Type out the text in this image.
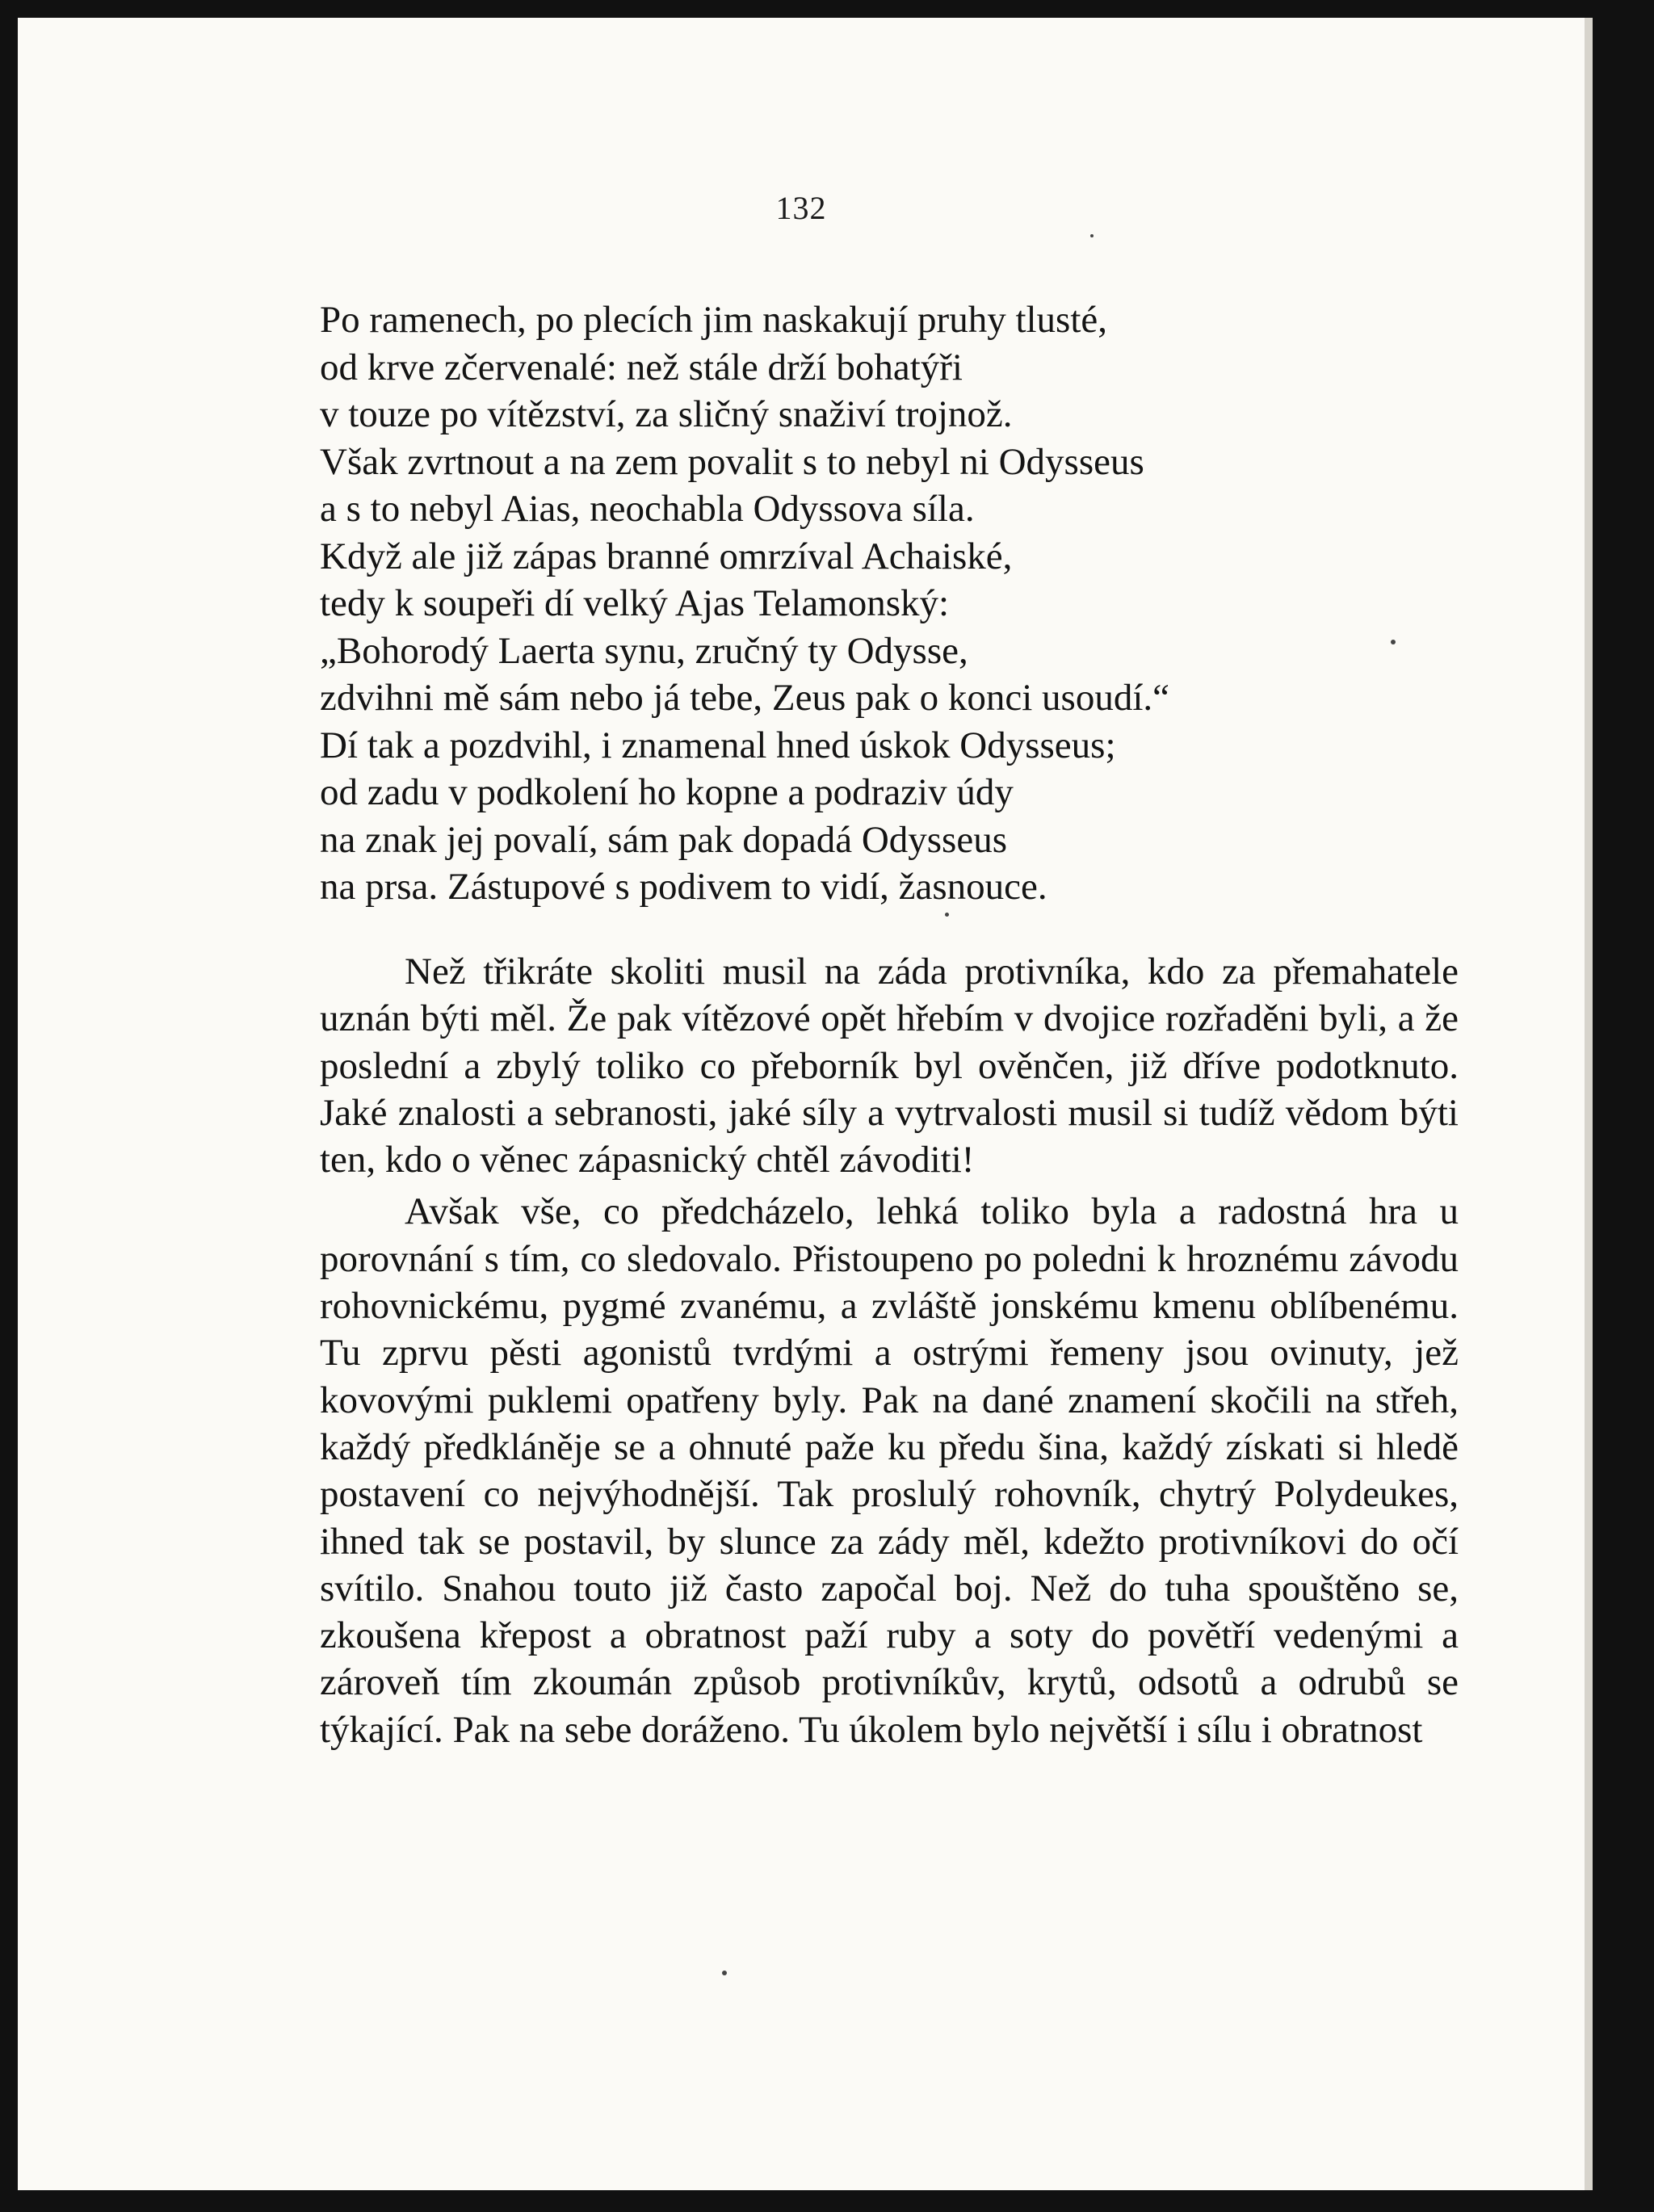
132
Po ramenech, po plecích jim naskakují pruhy tlusté,
od krve zčervenalé: než stále drží bohatýři
v touze po vítězství, za sličný snaživí trojnož.
Však zvrtnout a na zem povalit s to nebyl ni Odysseus
a s to nebyl Aias, neochabla Odyssova síla.
Když ale již zápas branné omrzíval Achaiské,
tedy k soupeři dí velký Ajas Telamonský:
„Bohorodý Laerta synu, zručný ty Odysse,
zdvihni mě sám nebo já tebe, Zeus pak o konci usoudí.“
Dí tak a pozdvihl, i znamenal hned úskok Odysseus;
od zadu v podkolení ho kopne a podraziv údy
na znak jej povalí, sám pak dopadá Odysseus
na prsa. Zástupové s podivem to vidí, žasnouce.

Než třikráte skoliti musil na záda protivníka, kdo za přemahatele uznán býti měl. Že pak vítězové opět hřebím v dvojice rozřaděni byli, a že poslední a zbylý toliko co přeborník byl ověnčen, již dříve podotknuto. Jaké znalosti a sebranosti, jaké síly a vytrvalosti musil si tudíž vědom býti ten, kdo o věnec zápasnický chtěl závoditi!

Avšak vše, co předcházelo, lehká toliko byla a radostná hra u porovnání s tím, co sledovalo. Přistoupeno po poledni k hroznému závodu rohovnickému, pygmé zvanému, a zvláště jonskému kmenu oblíbenému. Tu zprvu pěsti agonistů tvrdými a ostrými řemeny jsou ovinuty, jež kovovými puklemi opatřeny byly. Pak na dané znamení skočili na střeh, každý předkláněje se a ohnuté paže ku předu šina, každý získati si hledě postavení co nejvýhodnější. Tak proslulý rohovník, chytrý Polydeukes, ihned tak se postavil, by slunce za zády měl, kdežto protivníkovi do očí svítilo. Snahou touto již často započal boj. Než do tuha spouštěno se, zkoušena křepost a obratnost paží ruby a soty do povětří vedenými a zároveň tím zkoumán způsob protivníkův, krytů, odsotů a odrubů se týkající. Pak na sebe doráženo. Tu úkolem bylo největší i sílu i obratnost
